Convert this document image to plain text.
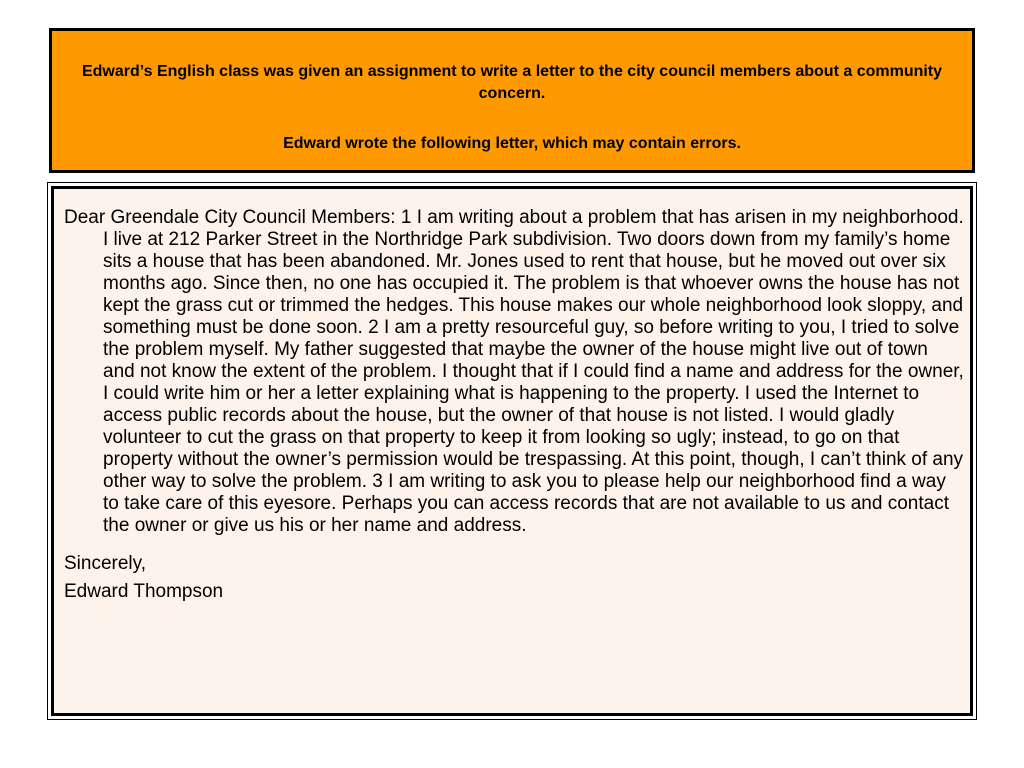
Edward’s English class was given an assignment to write a letter to the city council members about a community concern.

Edward wrote the following letter, which may contain errors.

Dear Greendale City Council Members: 1 I am writing about a problem that has arisen in my neighborhood. I live at 212 Parker Street in the Northridge Park subdivision. Two doors down from my family’s home sits a house that has been abandoned. Mr. Jones used to rent that house, but he moved out over six months ago. Since then, no one has occupied it. The problem is that whoever owns the house has not kept the grass cut or trimmed the hedges. This house makes our whole neighborhood look sloppy, and something must be done soon. 2 I am a pretty resourceful guy, so before writing to you, I tried to solve the problem myself. My father suggested that maybe the owner of the house might live out of town and not know the extent of the problem. I thought that if I could find a name and address for the owner, I could write him or her a letter explaining what is happening to the property. I used the Internet to access public records about the house, but the owner of that house is not listed. I would gladly volunteer to cut the grass on that property to keep it from looking so ugly; instead, to go on that property without the owner’s permission would be trespassing. At this point, though, I can’t think of any other way to solve the problem. 3 I am writing to ask you to please help our neighborhood find a way to take care of this eyesore. Perhaps you can access records that are not available to us and contact the owner or give us his or her name and address.

Sincerely,

Edward Thompson
